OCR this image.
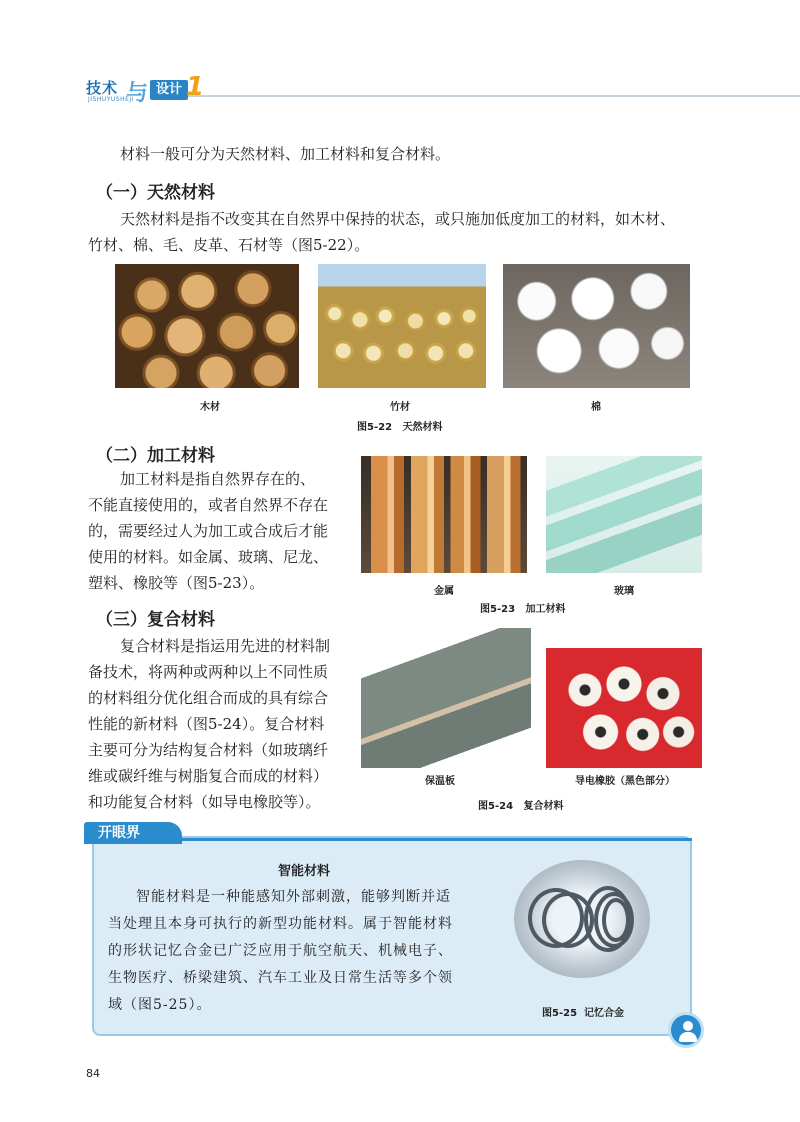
技术
JISHUYUSHEJI
与 设计 1
材料一般可分为天然材料、加工材料和复合材料。
（一）天然材料
天然材料是指不改变其在自然界中保持的状态，或只施加低度加工的材料，如木材、
竹材、棉、毛、皮革、石材等（图5-22）。
木材	竹材	棉
图5-22   天然材料
（二）加工材料
加工材料是指自然界存在的、
不能直接使用的，或者自然界不存在
的，需要经过人为加工或合成后才能
使用的材料。如金属、玻璃、尼龙、
塑料、橡胶等（图5-23）。	金属	玻璃
图5-23   加工材料
（三）复合材料
复合材料是指运用先进的材料制
备技术，将两种或两种以上不同性质
的材料组分优化组合而成的具有综合
性能的新材料（图5-24）。复合材料
主要可分为结构复合材料（如玻璃纤
维或碳纤维与树脂复合而成的材料）
和功能复合材料（如导电橡胶等）。
保温板	导电橡胶（黑色部分）
图5-24   复合材料
开眼界
智能材料
智能材料是一种能感知外部刺激，能够判断并适
当处理且本身可执行的新型功能材料。属于智能材料
的形状记忆合金已广泛应用于航空航天、机械电子、
生物医疗、桥梁建筑、汽车工业及日常生活等多个领
域（图5-25）。
图5-25  记忆合金
84
